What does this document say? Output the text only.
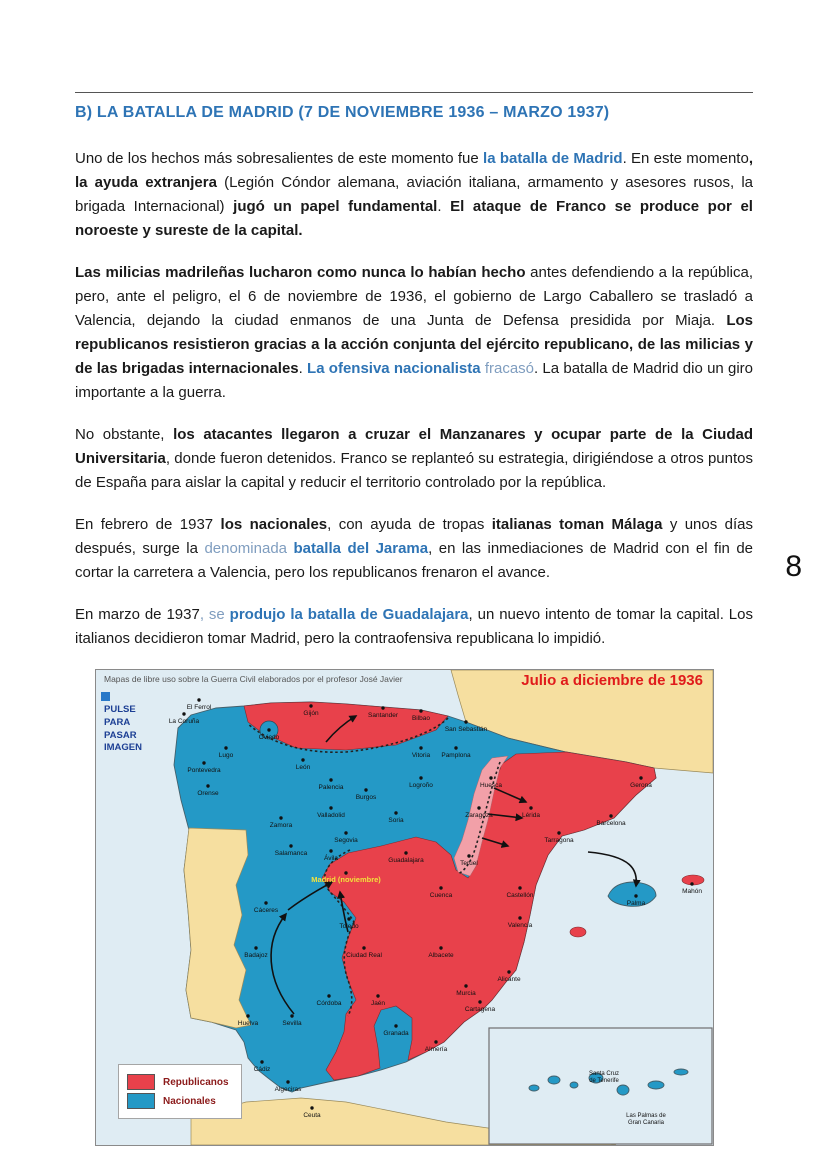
B) LA BATALLA DE MADRID (7 DE NOVIEMBRE 1936 – MARZO 1937)

Uno de los hechos más sobresalientes de este momento fue la batalla de Madrid. En este momento, la ayuda extranjera (Legión Cóndor alemana, aviación italiana, armamento y asesores rusos, la brigada Internacional) jugó un papel fundamental. El ataque de Franco se produce por el noroeste y sureste de la capital.

Las milicias madrileñas lucharon como nunca lo habían hecho antes defendiendo a la república, pero, ante el peligro, el 6 de noviembre de 1936, el gobierno de Largo Caballero se trasladó a Valencia, dejando la ciudad enmanos de una Junta de Defensa presidida por Miaja. Los republicanos resistieron gracias a la acción conjunta del ejército republicano, de las milicias y de las brigadas internacionales. La ofensiva nacionalista fracasó. La batalla de Madrid dio un giro importante a la guerra.

No obstante, los atacantes llegaron a cruzar el Manzanares y ocupar parte de la Ciudad Universitaria, donde fueron detenidos. Franco se replanteó su estrategia, dirigiéndose a otros puntos de España para aislar la capital y reducir el territorio controlado por la república.

En febrero de 1937 los nacionales, con ayuda de tropas italianas toman Málaga y unos días después, surge la denominada batalla del Jarama, en las inmediaciones de Madrid con el fin de cortar la carretera a Valencia, pero los republicanos frenaron el avance.

En marzo de 1937, se produjo la batalla de Guadalajara, un nuevo intento de tomar la capital. Los italianos decidieron tomar Madrid, pero la contraofensiva republicana lo impidió.

El Ferrol
La Coruña
Gijón	Santander Bilbao
San Sebastián
Oviedo
Lugo
Pontevedra	León
Orense
Vitoria Pamplona
Palencia
Burgos
Logroño	Huesca	Gerona
Zamora
Valladolid
Soria
Zaragoza	Lérida
Barcelona
Tarragona
Segovia
Salamanca
Ávila	Guadalajara	Teruel
Madrid (noviembre)
Cuenca	Castellón
Cáceres
Toledo	Valencia
Palma
Mahón
Badajoz	Ciudad Real	Albacete
Alicante
Córdoba	Jaén
Murcia
Cartagena
Huelva	Sevilla
Granada
Almería
Cádiz
Algeciras
Ceuta
Santa Cruz de Tenerife
Las Palmas de Gran Canaria
Mapas de libre uso sobre la Guerra Civil elaborados por el profesor José Javier	Julio a diciembre de 1936
PULSE PARA PASAR IMAGEN
Republicanos
Nacionales
8
